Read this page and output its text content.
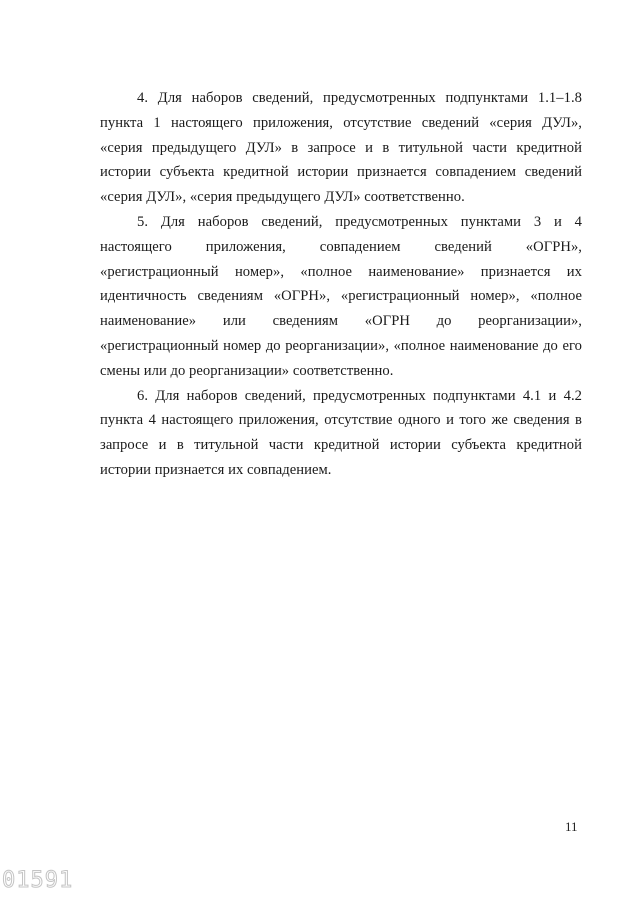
4. Для наборов сведений, предусмотренных подпунктами 1.1–1.8 пункта 1 настоящего приложения, отсутствие сведений «серия ДУЛ», «серия предыдущего ДУЛ» в запросе и в титульной части кредитной истории субъекта кредитной истории признается совпадением сведений «серия ДУЛ», «серия предыдущего ДУЛ» соответственно.

5. Для наборов сведений, предусмотренных пунктами 3 и 4 настоящего приложения, совпадением сведений «ОГРН», «регистрационный номер», «полное наименование» признается их идентичность сведениям «ОГРН», «регистрационный номер», «полное наименование» или сведениям «ОГРН до реорганизации», «регистрационный номер до реорганизации», «полное наименование до его смены или до реорганизации» соответственно.

6. Для наборов сведений, предусмотренных подпунктами 4.1 и 4.2 пункта 4 настоящего приложения, отсутствие одного и того же сведения в запросе и в титульной части кредитной истории субъекта кредитной истории признается их совпадением.

11
01591
